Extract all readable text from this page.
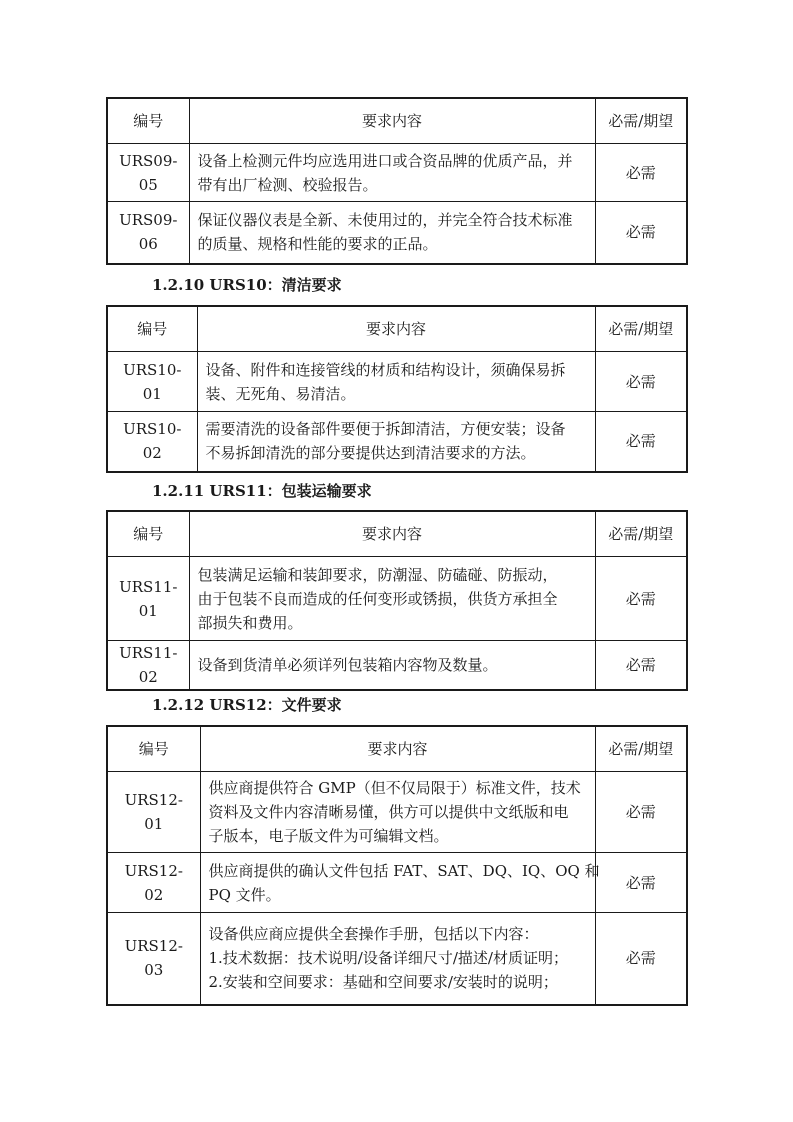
编号	要求内容	必需/期望
URS09-05	设备上检测元件均应选用进口或合资品牌的优质产品，并
带有出厂检测、校验报告。	必需
URS09-06	保证仪器仪表是全新、未使用过的，并完全符合技术标准
的质量、规格和性能的要求的正品。	必需
1.2.10 URS10：清洁要求
编号	要求内容	必需/期望
URS10-01	设备、附件和连接管线的材质和结构设计，须确保易拆
装、无死角、易清洁。	必需
URS10-02	需要清洗的设备部件要便于拆卸清洁，方便安装；设备
不易拆卸清洗的部分要提供达到清洁要求的方法。	必需
1.2.11 URS11：包装运输要求
编号	要求内容	必需/期望
URS11-01	包装满足运输和装卸要求，防潮湿、防磕碰、防振动，
由于包装不良而造成的任何变形或锈损，供货方承担全
部损失和费用。	必需
URS11-02	设备到货清单必须详列包装箱内容物及数量。	必需
1.2.12 URS12：文件要求
编号	要求内容	必需/期望
URS12-01	供应商提供符合 GMP（但不仅局限于）标准文件，技术
资料及文件内容清晰易懂，供方可以提供中文纸版和电
子版本，电子版文件为可编辑文档。	必需
URS12-02	供应商提供的确认文件包括 FAT、SAT、DQ、IQ、OQ 和
PQ 文件。	必需
URS12-03	设备供应商应提供全套操作手册，包括以下内容：
1.技术数据：技术说明/设备详细尺寸/描述/材质证明；
2.安装和空间要求：基础和空间要求/安装时的说明；	必需
